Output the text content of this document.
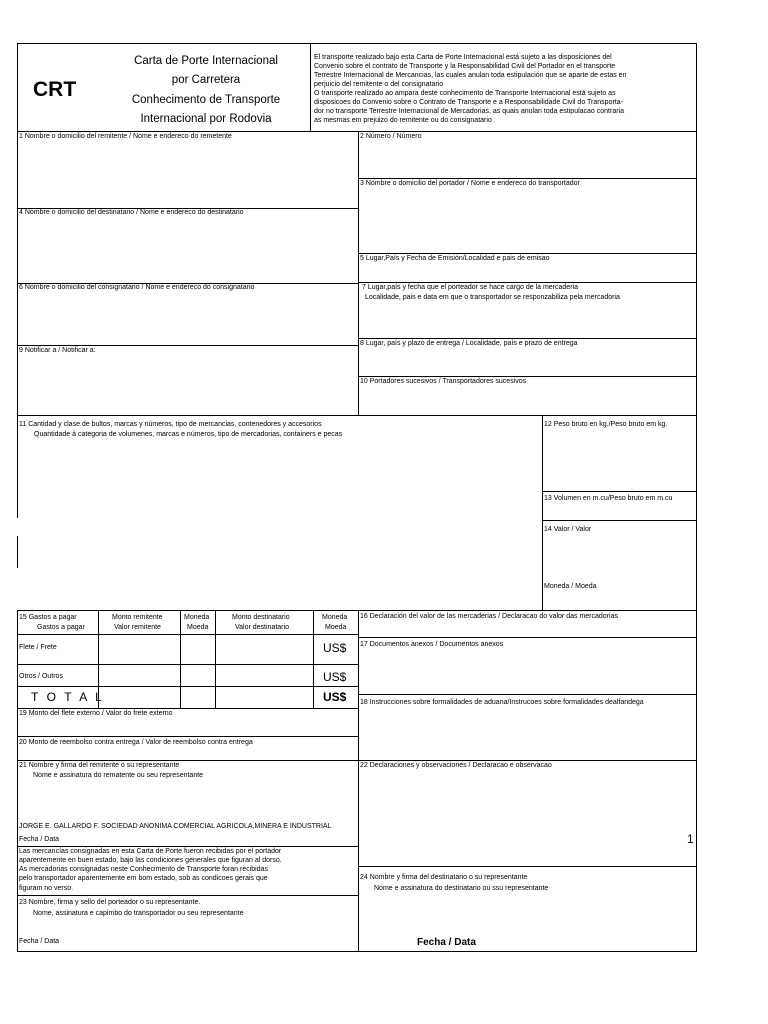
CRT
Carta de Porte Internacional
por Carretera
Conhecimento de Transporte
Internacional por Rodovia
El transporte realizado bajo esta Carta de Porte Internacional está sujeto a las disposiciones del
Convenio sobre el contrato de Transporte y la Responsabilidad Civil del Portador en el transporte
Terrestre Internacional de Mercancias, las cuales anulan toda estipulación que se aparte de estas en
perjuicio del remitente o del consignatario
O transporte realizado ao ampara deste conhecimento de Transporte Internacional está sujeto as
disposicoes do Convenio sobre o Contrato de Transporte e a Responsabilidade Civil do Transporta-
dor no transporte Terrestre Internacional de Mercadorias, as quais anulan toda estipulacao contraria
as mesmas em prejuizo do remitente ou do consignatario
1 Nombre o domicilio del remitente / Nome e endereco do remetente	2 Número / Número
3 Nombre o domicilio del portador / Nome e endereco do transportador
4 Nombre o domicilio del destinatario / Nome e endereco do destinatario
5 Lugar,País y Fecha de Emisión/Localidad e pais de emisao
6 Nombre o domicilio del consignatario / Nome e endereco do consignatario	7 Lugar,país y fecha que el porteador se hace cargo de la mercaderia
Localidade, pais e data em que o transportador se responzabiliza pela mercadoria
8 Lugar, país y plazo de entrega / Localidade, país e prazo de entrega
9 Notificar a / Notificar a:
10 Portadores sucesivos / Transportadores sucesivos
11 Cantidad y clase de bultos, marcas y números, tipo de mercancias, contenedores y accesorios
Quantidade à categoria de volumenes, marcas e números, tipo de mercadorias, containers e pecas
12 Peso bruto en kg./Peso bruto em kg.
13 Volumen en m.cu/Peso bruto em m.cu
14 Valor / Valor
Moneda / Moeda
15 Gastos a pagar
Gastos a pagar
Monto remitente
Valor remitente
Moneda
Moeda
Monto destinatario
Valor destinatario
Moneda
Moeda
Flete / Frete	US$
Otros / Outros	US$
T O T A L	US$
16 Declaración del valor de las mercaderias / Declaracao do valor das mercadorias
17 Documentos anexos / Documentos anexos
18 Instrucciones sobre formalidades de aduana/Instrucoes sobre formalidades dealfandega
19 Monto del flete externo / Valor do frete externo
20 Monto de reembolso contra entrega / Valor de reembolso contra entrega
21 Nombre y firma del remitente o su representante
Nome e assinatura do rematente ou seu representante
22 Declaraciones y observaciones / Declaracao e observacao
JORGE E. GALLARDO F. SOCIEDAD ANONIMA COMERCIAL AGRICOLA,MINERA E INDUSTRIAL
Fecha / Data	1
Las mercancías consignadas en esta Carta de Porte fueron recibidas por el portador
aparentemente en buen estado, bajo las condiciones generales que figuran al dorso.
As mercadorias consignadas neste Conhecimento de Transporte foran recibidas
pelo transportador aparentemente em bom estado, sob as condicoes gerais que
figuram no verso.
23 Nombre, firma y sello del porteador o su representante.
Nome, assinatura e capimbo do transportador ou seu representante
Fecha / Data
24 Nombre y firma del destinatario o su representante
Nome e assinatura do destinatario ou ssu representante
Fecha / Data
